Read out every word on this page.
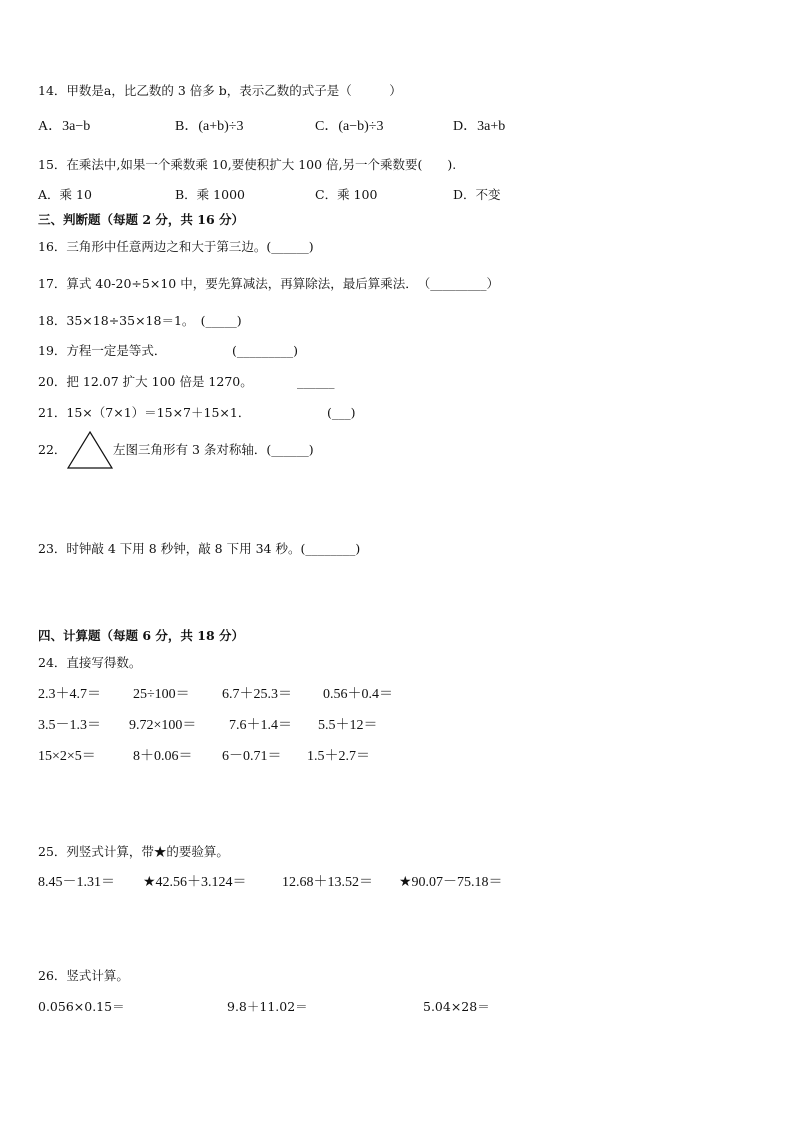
14．甲数是a，比乙数的 3 倍多 b，表示乙数的式子是（　　　）
A．3a−b	B．(a+b)÷3	C．(a−b)÷3	D．3a+b
15．在乘法中,如果一个乘数乘 10,要使积扩大 100 倍,另一个乘数要(　　).
A．乘 10	B．乘 1000	C．乘 100	D．不变
三、判断题（每题 2 分，共 16 分）
16．三角形中任意两边之和大于第三边。(______)
17．算式 40-20÷5×10 中，要先算减法，再算除法，最后算乘法．　（_________）
18．35×18÷35×18＝1。　(_____)
19．方程一定是等式．	(_________)
20．把 12.07 扩大 100 倍是 1270。	______
21．15×（7×1）＝15×7＋15×1．	(___)
22．	左图三角形有 3 条对称轴．(______)
23．时钟敲 4 下用 8 秒钟，敲 8 下用 34 秒。(________)
四、计算题（每题 6 分，共 18 分）
24．直接写得数。
2.3＋4.7＝ 25÷100＝ 6.7＋25.3＝ 0.56＋0.4＝
3.5－1.3＝ 9.72×100＝ 7.6＋1.4＝ 5.5＋12＝
15×2×5＝	8＋0.06＝ 6－0.71＝ 1.5＋2.7＝
25．列竖式计算，带★的要验算。
8.45－1.31＝ ★42.56＋3.124＝	12.68＋13.52＝ ★90.07－75.18＝
26．竖式计算。
0.056×0.15＝	9.8＋11.02＝	5.04×28＝
